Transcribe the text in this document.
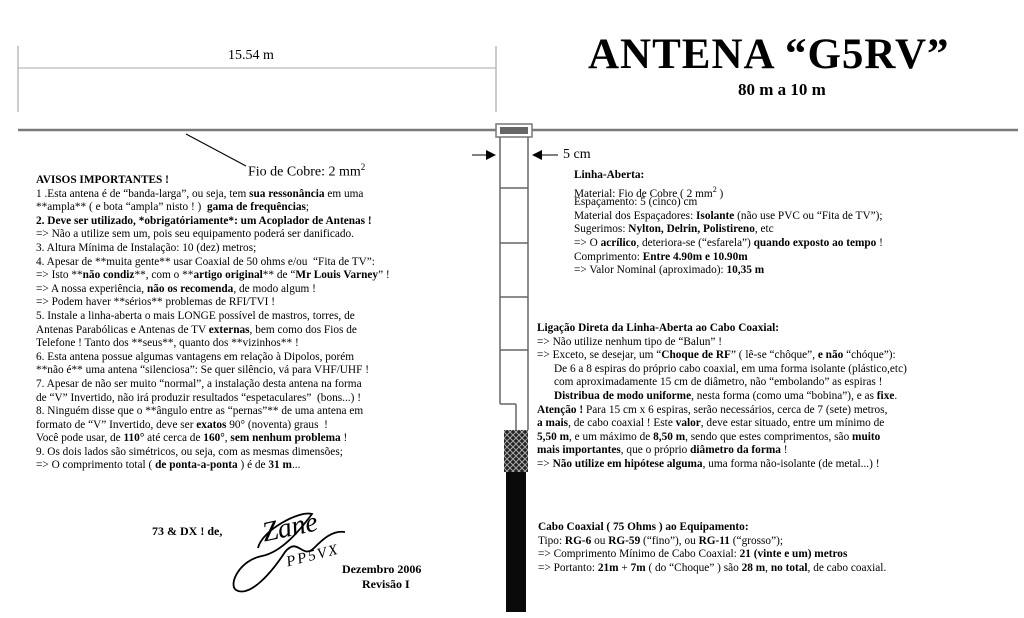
ANTENA “G5RV”
80 m a 10 m
15.54 m
Fio de Cobre: 2 $mm^2$
5 cm
AVISOS IMPORTANTES !
1 .Esta antena é de “banda-larga”, ou seja, tem sua ressonância em uma
**ampla** ( e bota “ampla” nisto ! )  gama de frequências;
2. Deve ser utilizado, *obrigatóriamente*: um Acoplador de Antenas !
=> Não a utilize sem um, pois seu equipamento poderá ser danificado.
3. Altura Mínima de Instalação: 10 (dez) metros;
4. Apesar de **muita gente** usar Coaxial de 50 ohms e/ou  “Fita de TV”:
=> Isto **não condiz**, com o **artigo original** de “Mr Louis Varney” !
=> A nossa experiência, não os recomenda, de modo algum !
=> Podem haver **sérios** problemas de RFI/TVI !
5. Instale a linha-aberta o mais LONGE possível de mastros, torres, de
Antenas Parabólicas e Antenas de TV externas, bem como dos Fios de
Telefone ! Tanto dos **seus**, quanto dos **vizinhos** !
6. Esta antena possue algumas vantagens em relação à Dipolos, porém
**não é** uma antena “silenciosa”: Se quer silêncio, vá para VHF/UHF !
7. Apesar de não ser muito “normal”, a instalação desta antena na forma
de “V” Invertido, não irá produzir resultados “espetaculares”  (bons...) !
8. Ninguém disse que o **ângulo entre as “pernas”** de uma antena em
formato de “V” Invertido, deve ser exatos 90° (noventa) graus  !
Você pode usar, de 110° até cerca de 160°, sem nenhum problema !
9. Os dois lados são simétricos, ou seja, com as mesmas dimensões;
=> O comprimento total ( de ponta-a-ponta ) é de 31 m...
Linha-Aberta:
Material: Fio de Cobre ( 2 $mm^2$ )
Espaçamento: 5 (cinco) cm
Material dos Espaçadores: Isolante (não use PVC ou “Fita de TV”);
Sugerimos: Nylton, Delrin, Polistireno, etc
=> O acrílico, deteriora-se (“esfarela”) quando exposto ao tempo !
Comprimento: Entre 4.90m e 10.90m
=> Valor Nominal (aproximado): 10,35 m
Ligação Direta da Linha-Aberta ao Cabo Coaxial:
=> Não utilize nenhum tipo de “Balun” !
=> Exceto, se desejar, um “Choque de RF” ( lê-se “chôque”, e não “chóque”):
De 6 a 8 espiras do próprio cabo coaxial, em uma forma isolante (plástico,etc)
com aproximadamente 15 cm de diâmetro, não “embolando” as espiras !
Distribua de modo uniforme, nesta forma (como uma “bobina”), e as fixe.
Atenção ! Para 15 cm x 6 espiras, serão necessários, cerca de 7 (sete) metros,
a mais, de cabo coaxial ! Este valor, deve estar situado, entre um mínimo de
5,50 m, e um máximo de 8,50 m, sendo que estes comprimentos, são muito
mais importantes, que o próprio diâmetro da forma !
=> Não utilize em hipótese alguma, uma forma não-isolante (de metal...) !
Cabo Coaxial ( 75 Ohms ) ao Equipamento:
Tipo: RG-6 ou RG-59 (“fino”), ou RG-11 (“grosso”);
=> Comprimento Mínimo de Cabo Coaxial: 21 (vinte e um) metros
=> Portanto: 21m + 7m ( do “Choque” ) são 28 m, no total, de cabo coaxial.
73 & DX ! de, Zane
PP5VX Dezembro 2006
Revisão I
